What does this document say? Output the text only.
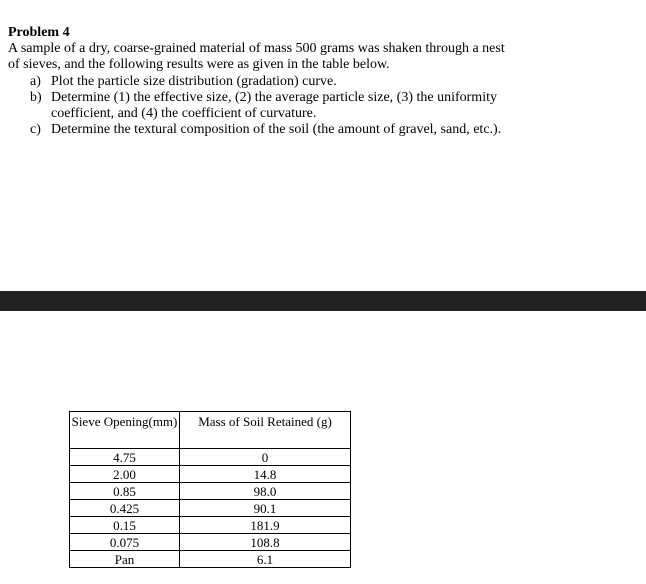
Problem 4
A sample of a dry, coarse-grained material of mass 500 grams was shaken through a nest
of sieves, and the following results were as given in the table below.
a) Plot the particle size distribution (gradation) curve.
b) Determine (1) the effective size, (2) the average particle size, (3) the uniformity
coefficient, and (4) the coefficient of curvature.
c) Determine the textural composition of the soil (the amount of gravel, sand, etc.).
Sieve Opening(mm)	Mass of Soil Retained (g)
4.75	0
2.00	14.8
0.85	98.0
0.425	90.1
0.15	181.9
0.075	108.8
Pan	6.1
